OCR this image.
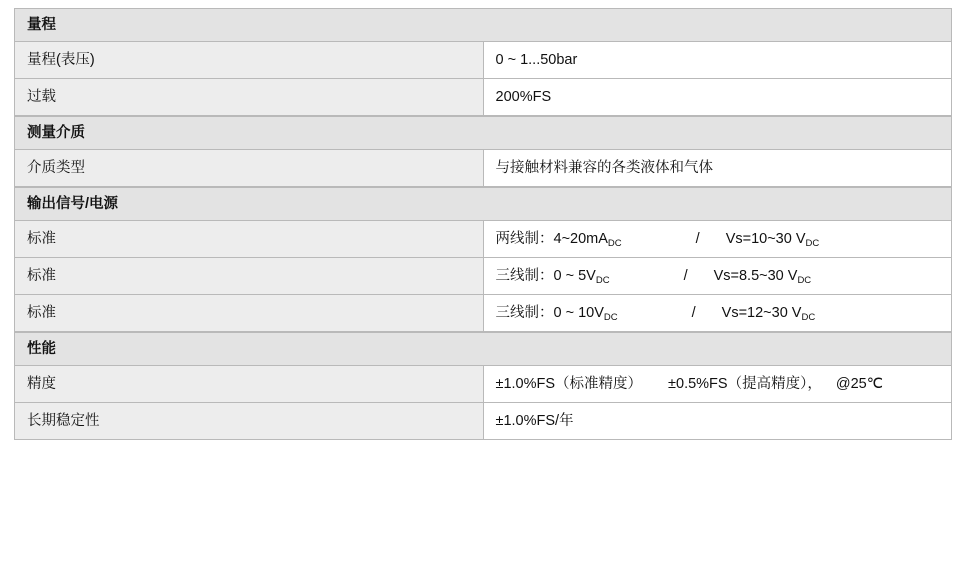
量程	
量程(表压)	0 ~ 1...50bar
过载	200%FS
测量介质
介质类型	与接触材料兼容的各类液体和气体
输出信号/电源	
标准	两线制：$4\sim 20mA_{DC}$ / Vs=10~30 $V_{DC}$
标准	三线制：0 ~ $5V_{DC}$ / Vs=8.5~30 $V_{DC}$
标准	三线制：0 ~ $10V_{DC}$ / Vs=12~30 $V_{DC}$
性能	
精度	±1.0%FS（标准精度） ±0.5%FS（提高精度）， @25℃
长期稳定性	±1.0%FS/年
